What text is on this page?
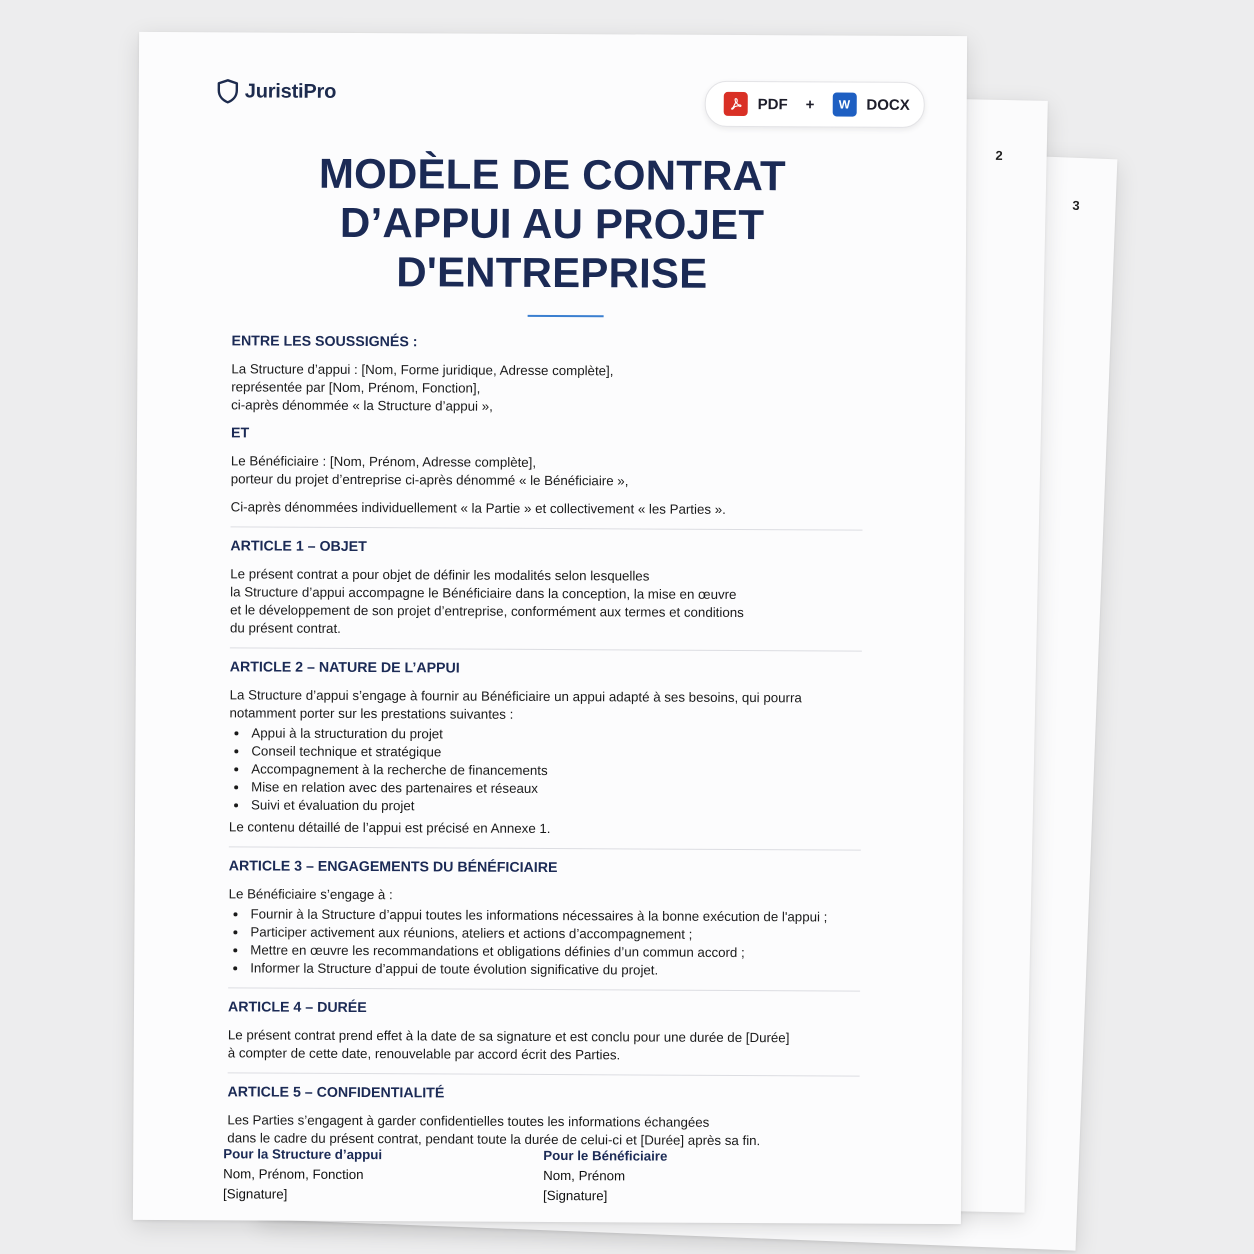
3
2
JuristiPro
PDF +	W	DOCX
MODÈLE DE CONTRAT
D’APPUI AU PROJET
D'ENTREPRISE

ENTRE LES SOUSSIGNÉS :

La Structure d’appui : [Nom, Forme juridique, Adresse complète],

représentée par [Nom, Prénom, Fonction],

ci-après dénommée « la Structure d’appui »,

ET

Le Bénéficiaire : [Nom, Prénom, Adresse complète],

porteur du projet d’entreprise ci-après dénommé « le Bénéficiaire »,

Ci-après dénommées individuellement « la Partie » et collectivement « les Parties ».

ARTICLE 1 – OBJET

Le présent contrat a pour objet de définir les modalités selon lesquelles

la Structure d’appui accompagne le Bénéficiaire dans la conception, la mise en œuvre

et le développement de son projet d’entreprise, conformément aux termes et conditions

du présent contrat.

ARTICLE 2 – NATURE DE L’APPUI

La Structure d’appui s’engage à fournir au Bénéficiaire un appui adapté à ses besoins, qui pourra

notamment porter sur les prestations suivantes :

• Appui à la structuration du projet
• Conseil technique et stratégique
• Accompagnement à la recherche de financements
• Mise en relation avec des partenaires et réseaux
• Suivi et évaluation du projet

Le contenu détaillé de l’appui est précisé en Annexe 1.

ARTICLE 3 – ENGAGEMENTS DU BÉNÉFICIAIRE

Le Bénéficiaire s’engage à :

• Fournir à la Structure d’appui toutes les informations nécessaires à la bonne exécution de l'appui ;
• Participer activement aux réunions, ateliers et actions d’accompagnement ;
• Mettre en œuvre les recommandations et obligations définies d’un commun accord ;
• Informer la Structure d’appui de toute évolution significative du projet.

ARTICLE 4 – DURÉE

Le présent contrat prend effet à la date de sa signature et est conclu pour une durée de [Durée]

à compter de cette date, renouvelable par accord écrit des Parties.

ARTICLE 5 – CONFIDENTIALITÉ

Les Parties s’engagent à garder confidentielles toutes les informations échangées

dans le cadre du présent contrat, pendant toute la durée de celui-ci et [Durée] après sa fin.

Pour la Structure d’appui

Nom, Prénom, Fonction

[Signature]

Pour le Bénéficiaire

Nom, Prénom

[Signature]
